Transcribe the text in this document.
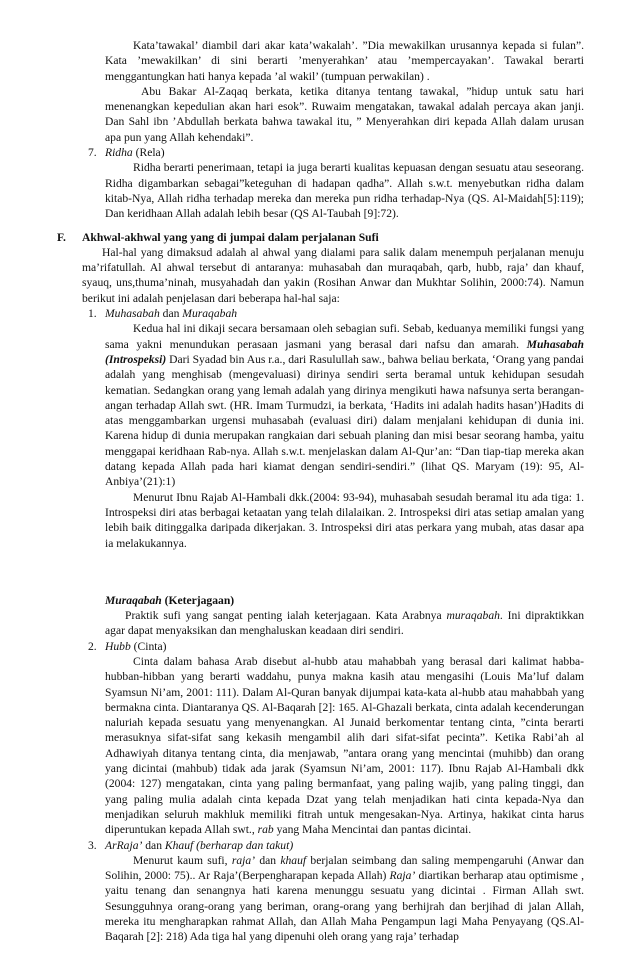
Kata’tawakal’ diambil dari akar kata’wakalah’. ”Dia mewakilkan urusannya kepada si fulan”. Kata ’mewakilkan’ di sini berarti ’menyerahkan’ atau ’mempercayakan’. Tawakal berarti menggantungkan hati hanya kepada ’al wakil’ (tumpuan perwakilan) .

Abu Bakar Al-Zaqaq berkata, ketika ditanya tentang tawakal, ”hidup untuk satu hari menenangkan kepedulian akan hari esok”. Ruwaim mengatakan, tawakal adalah percaya akan janji. Dan Sahl ibn ’Abdullah berkata bahwa tawakal itu, ” Menyerahkan diri kepada Allah dalam urusan apa pun yang Allah kehendaki”.

7. Ridha (Rela)

Ridha berarti penerimaan, tetapi ia juga berarti kualitas kepuasan dengan sesuatu atau seseorang. Ridha digambarkan sebagai”keteguhan di hadapan qadha”. Allah s.w.t. menyebutkan ridha dalam kitab-Nya, Allah ridha terhadap mereka dan mereka pun ridha terhadap-Nya (QS. Al-Maidah[5]:119); Dan keridhaan Allah adalah lebih besar (QS Al-Taubah [9]:72).

F. Akhwal-akhwal yang yang di jumpai dalam perjalanan Sufi

Hal-hal yang dimaksud adalah al ahwal yang dialami para salik dalam menempuh perjalanan menuju ma’rifatullah. Al ahwal tersebut di antaranya: muhasabah dan muraqabah, qarb, hubb, raja’ dan khauf, syauq, uns,thuma’ninah, musyahadah dan yakin (Rosihan Anwar dan Mukhtar Solihin, 2000:74). Namun berikut ini adalah penjelasan dari beberapa hal-hal saja:

1. Muhasabah dan Muraqabah

Kedua hal ini dikaji secara bersamaan oleh sebagian sufi. Sebab, keduanya memiliki fungsi yang sama yakni menundukan perasaan jasmani yang berasal dari nafsu dan amarah. Muhasabah (Introspeksi) Dari Syadad bin Aus r.a., dari Rasulullah saw., bahwa beliau berkata, ‘Orang yang pandai adalah yang menghisab (mengevaluasi) dirinya sendiri serta beramal untuk kehidupan sesudah kematian. Sedangkan orang yang lemah adalah yang dirinya mengikuti hawa nafsunya serta berangan-angan terhadap Allah swt. (HR. Imam Turmudzi, ia berkata, ‘Hadits ini adalah hadits hasan’)Hadits di atas menggambarkan urgensi muhasabah (evaluasi diri) dalam menjalani kehidupan di dunia ini. Karena hidup di dunia merupakan rangkaian dari sebuah planing dan misi besar seorang hamba, yaitu menggapai keridhaan Rab-nya. Allah s.w.t. menjelaskan dalam Al-Qur’an: “Dan tiap-tiap mereka akan datang kepada Allah pada hari kiamat dengan sendiri-sendiri.” (lihat QS. Maryam (19): 95, Al-Anbiya’(21):1)

Menurut Ibnu Rajab Al-Hambali dkk.(2004: 93-94), muhasabah sesudah beramal itu ada tiga: 1. Introspeksi diri atas berbagai ketaatan yang telah dilalaikan. 2. Introspeksi diri atas setiap amalan yang lebih baik ditinggalka daripada dikerjakan. 3. Introspeksi diri atas perkara yang mubah, atas dasar apa ia melakukannya.

Muraqabah (Keterjagaan)

Praktik sufi yang sangat penting ialah keterjagaan. Kata Arabnya muraqabah. Ini dipraktikkan agar dapat menyaksikan dan menghaluskan keadaan diri sendiri.

2. Hubb (Cinta)

Cinta dalam bahasa Arab disebut al-hubb atau mahabbah yang berasal dari kalimat habba-hubban-hibban yang berarti waddahu, punya makna kasih atau mengasihi (Louis Ma’luf dalam Syamsun Ni’am, 2001: 111). Dalam Al-Quran banyak dijumpai kata-kata al-hubb atau mahabbah yang bermakna cinta. Diantaranya QS. Al-Baqarah [2]: 165. Al-Ghazali berkata, cinta adalah kecenderungan naluriah kepada sesuatu yang menyenangkan. Al Junaid berkomentar tentang cinta, ”cinta berarti merasuknya sifat-sifat sang kekasih mengambil alih dari sifat-sifat pecinta”. Ketika Rabi’ah al Adhawiyah ditanya tentang cinta, dia menjawab, ”antara orang yang mencintai (muhibb) dan orang yang dicintai (mahbub) tidak ada jarak (Syamsun Ni’am, 2001: 117). Ibnu Rajab Al-Hambali dkk (2004: 127) mengatakan, cinta yang paling bermanfaat, yang paling wajib, yang paling tinggi, dan yang paling mulia adalah cinta kepada Dzat yang telah menjadikan hati cinta kepada-Nya dan menjadikan seluruh makhluk memiliki fitrah untuk mengesakan-Nya. Artinya, hakikat cinta harus diperuntukan kepada Allah swt., rab yang Maha Mencintai dan pantas dicintai.

3. ArRaja’ dan Khauf (berharap dan takut)

Menurut kaum sufi, raja’ dan khauf berjalan seimbang dan saling mempengaruhi (Anwar dan Solihin, 2000: 75).. Ar Raja’(Berpengharapan kepada Allah) Raja’ diartikan berharap atau optimisme , yaitu tenang dan senangnya hati karena menunggu sesuatu yang dicintai . Firman Allah swt. Sesungguhnya orang-orang yang beriman, orang-orang yang berhijrah dan berjihad di jalan Allah, mereka itu mengharapkan rahmat Allah, dan Allah Maha Pengampun lagi Maha Penyayang (QS.Al-Baqarah [2]: 218) Ada tiga hal yang dipenuhi oleh orang yang raja’ terhadap
